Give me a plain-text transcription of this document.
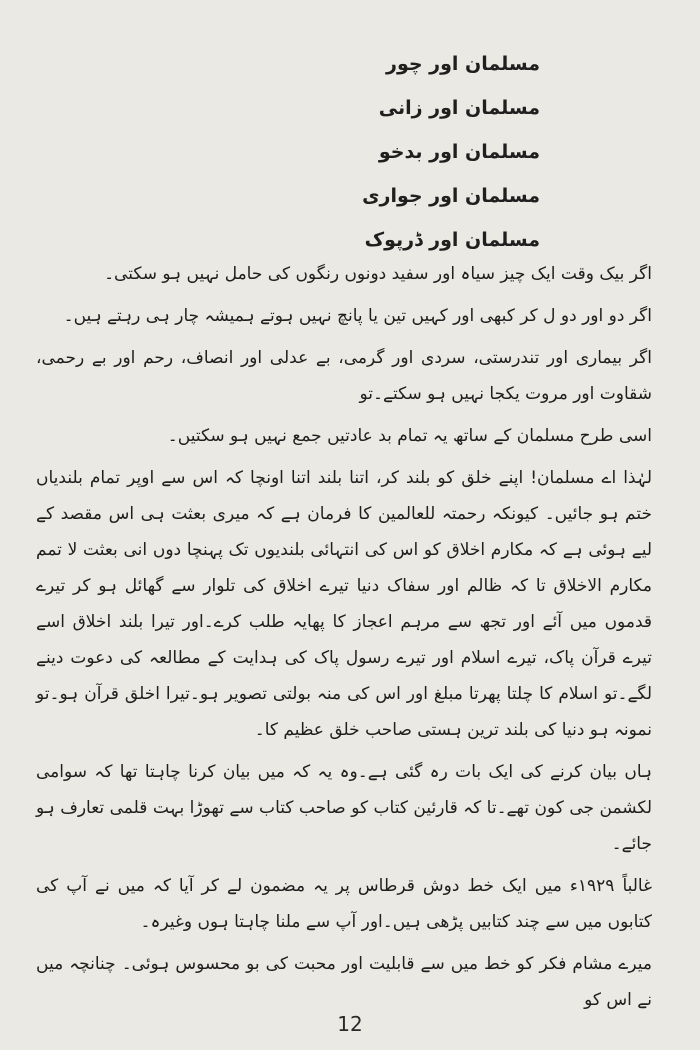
مسلمان اور چور
مسلمان اور زانی
مسلمان اور بدخو
مسلمان اور جواری
مسلمان اور ڈرپوک

اگر بیک وقت ایک چیز سیاہ اور سفید دونوں رنگوں کی حامل نہیں ہو سکتی۔

اگر دو اور دو ل کر کبھی اور کہیں تین یا پانچ نہیں ہوتے ہمیشہ چار ہی رہتے ہیں۔

اگر بیماری اور تندرستی، سردی اور گرمی، بے عدلی اور انصاف، رحم اور بے رحمی، شقاوت اور مروت یکجا نہیں ہو سکتے۔تو

اسی طرح مسلمان کے ساتھ یہ تمام بد عادتیں جمع نہیں ہو سکتیں۔

لہٰذا اے مسلمان! اپنے خلق کو بلند کر، اتنا بلند اتنا اونچا کہ اس سے اوپر تمام بلندیاں ختم ہو جائیں۔ کیونکہ رحمتہ للعالمین کا فرمان ہے کہ میری بعثت ہی اس مقصد کے لیے ہوئی ہے کہ مکارم اخلاق کو اس کی انتہائی بلندیوں تک پہنچا دوں انی بعثت لا تمم مکارم الاخلاق تا کہ ظالم اور سفاک دنیا تیرے اخلاق کی تلوار سے گھائل ہو کر تیرے قدموں میں آئے اور تجھ سے مرہم اعجاز کا پھایہ طلب کرے۔اور تیرا بلند اخلاق اسے تیرے قرآن پاک، تیرے اسلام اور تیرے رسول پاک کی ہدایت کے مطالعہ کی دعوت دینے لگے۔تو اسلام کا چلتا پھرتا مبلغ اور اس کی منہ بولتی تصویر ہو۔تیرا اخلق قرآن ہو۔تو نمونہ ہو دنیا کی بلند ترین ہستی صاحب خلق عظیم کا۔

ہاں بیان کرنے کی ایک بات رہ گئی ہے۔وہ یہ کہ میں بیان کرنا چاہتا تھا کہ سوامی لکشمن جی کون تھے۔تا کہ قارئین کتاب کو صاحب کتاب سے تھوڑا بہت قلمی تعارف ہو جائے۔

غالباً ۱۹۲۹ء میں ایک خط دوش قرطاس پر یہ مضمون لے کر آیا کہ میں نے آپ کی کتابوں میں سے چند کتابیں پڑھی ہیں۔اور آپ سے ملنا چاہتا ہوں وغیرہ۔

میرے مشام فکر کو خط میں سے قابلیت اور محبت کی بو محسوس ہوئی۔ چنانچہ میں نے اس کو

12
